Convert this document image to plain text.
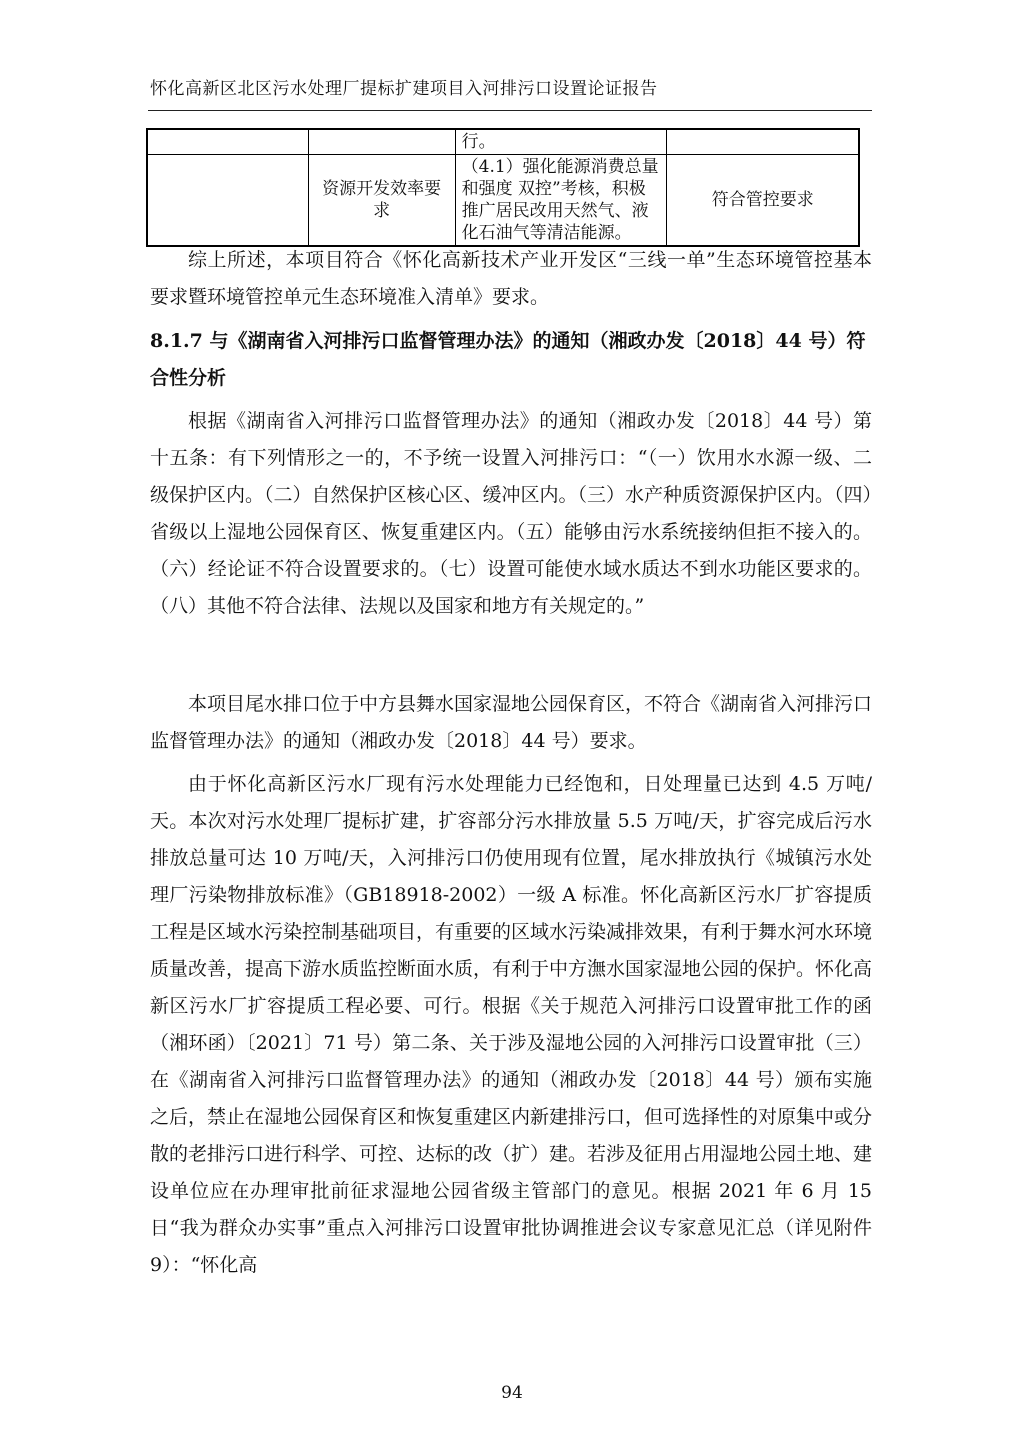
怀化高新区北区污水处理厂提标扩建项目入河排污口设置论证报告
		行。	
	资源开发效率要求	（4.1）强化能源消费总量和强度 双控”考核，积极推广居民改用天然气、液化石油气等清洁能源。	符合管控要求
综上所述，本项目符合《怀化高新技术产业开发区“三线一单”生态环境管控基本要求暨环境管控单元生态环境准入清单》要求。
8.1.7 与《湖南省入河排污口监督管理办法》的通知（湘政办发〔2018〕44 号）符合性分析
根据《湖南省入河排污口监督管理办法》的通知（湘政办发〔2018〕44 号）第十五条：有下列情形之一的，不予统一设置入河排污口：“（一）饮用水水源一级、二级保护区内。（二）自然保护区核心区、缓冲区内。（三）水产种质资源保护区内。（四）省级以上湿地公园保育区、恢复重建区内。（五）能够由污水系统接纳但拒不接入的。（六）经论证不符合设置要求的。（七）设置可能使水域水质达不到水功能区要求的。（八）其他不符合法律、法规以及国家和地方有关规定的。”
本项目尾水排口位于中方县舞水国家湿地公园保育区，不符合《湖南省入河排污口监督管理办法》的通知（湘政办发〔2018〕44 号）要求。
由于怀化高新区污水厂现有污水处理能力已经饱和，日处理量已达到 4.5 万吨/天。本次对污水处理厂提标扩建，扩容部分污水排放量 5.5 万吨/天，扩容完成后污水排放总量可达 10 万吨/天，入河排污口仍使用现有位置，尾水排放执行《城镇污水处理厂污染物排放标准》（GB18918-2002）一级 A 标准。怀化高新区污水厂扩容提质工程是区域水污染控制基础项目，有重要的区域水污染减排效果，有利于舞水河水环境质量改善，提高下游水质监控断面水质，有利于中方潕水国家湿地公园的保护。怀化高新区污水厂扩容提质工程必要、可行。根据《关于规范入河排污口设置审批工作的函（湘环函）〔2021〕71 号）第二条、关于涉及湿地公园的入河排污口设置审批（三）在《湖南省入河排污口监督管理办法》的通知（湘政办发〔2018〕44 号）颁布实施之后，禁止在湿地公园保育区和恢复重建区内新建排污口，但可选择性的对原集中或分散的老排污口进行科学、可控、达标的改（扩）建。若涉及征用占用湿地公园土地、建设单位应在办理审批前征求湿地公园省级主管部门的意见。根据 2021 年 6 月 15 日“我为群众办实事”重点入河排污口设置审批协调推进会议专家意见汇总（详见附件 9）：“怀化高
94
